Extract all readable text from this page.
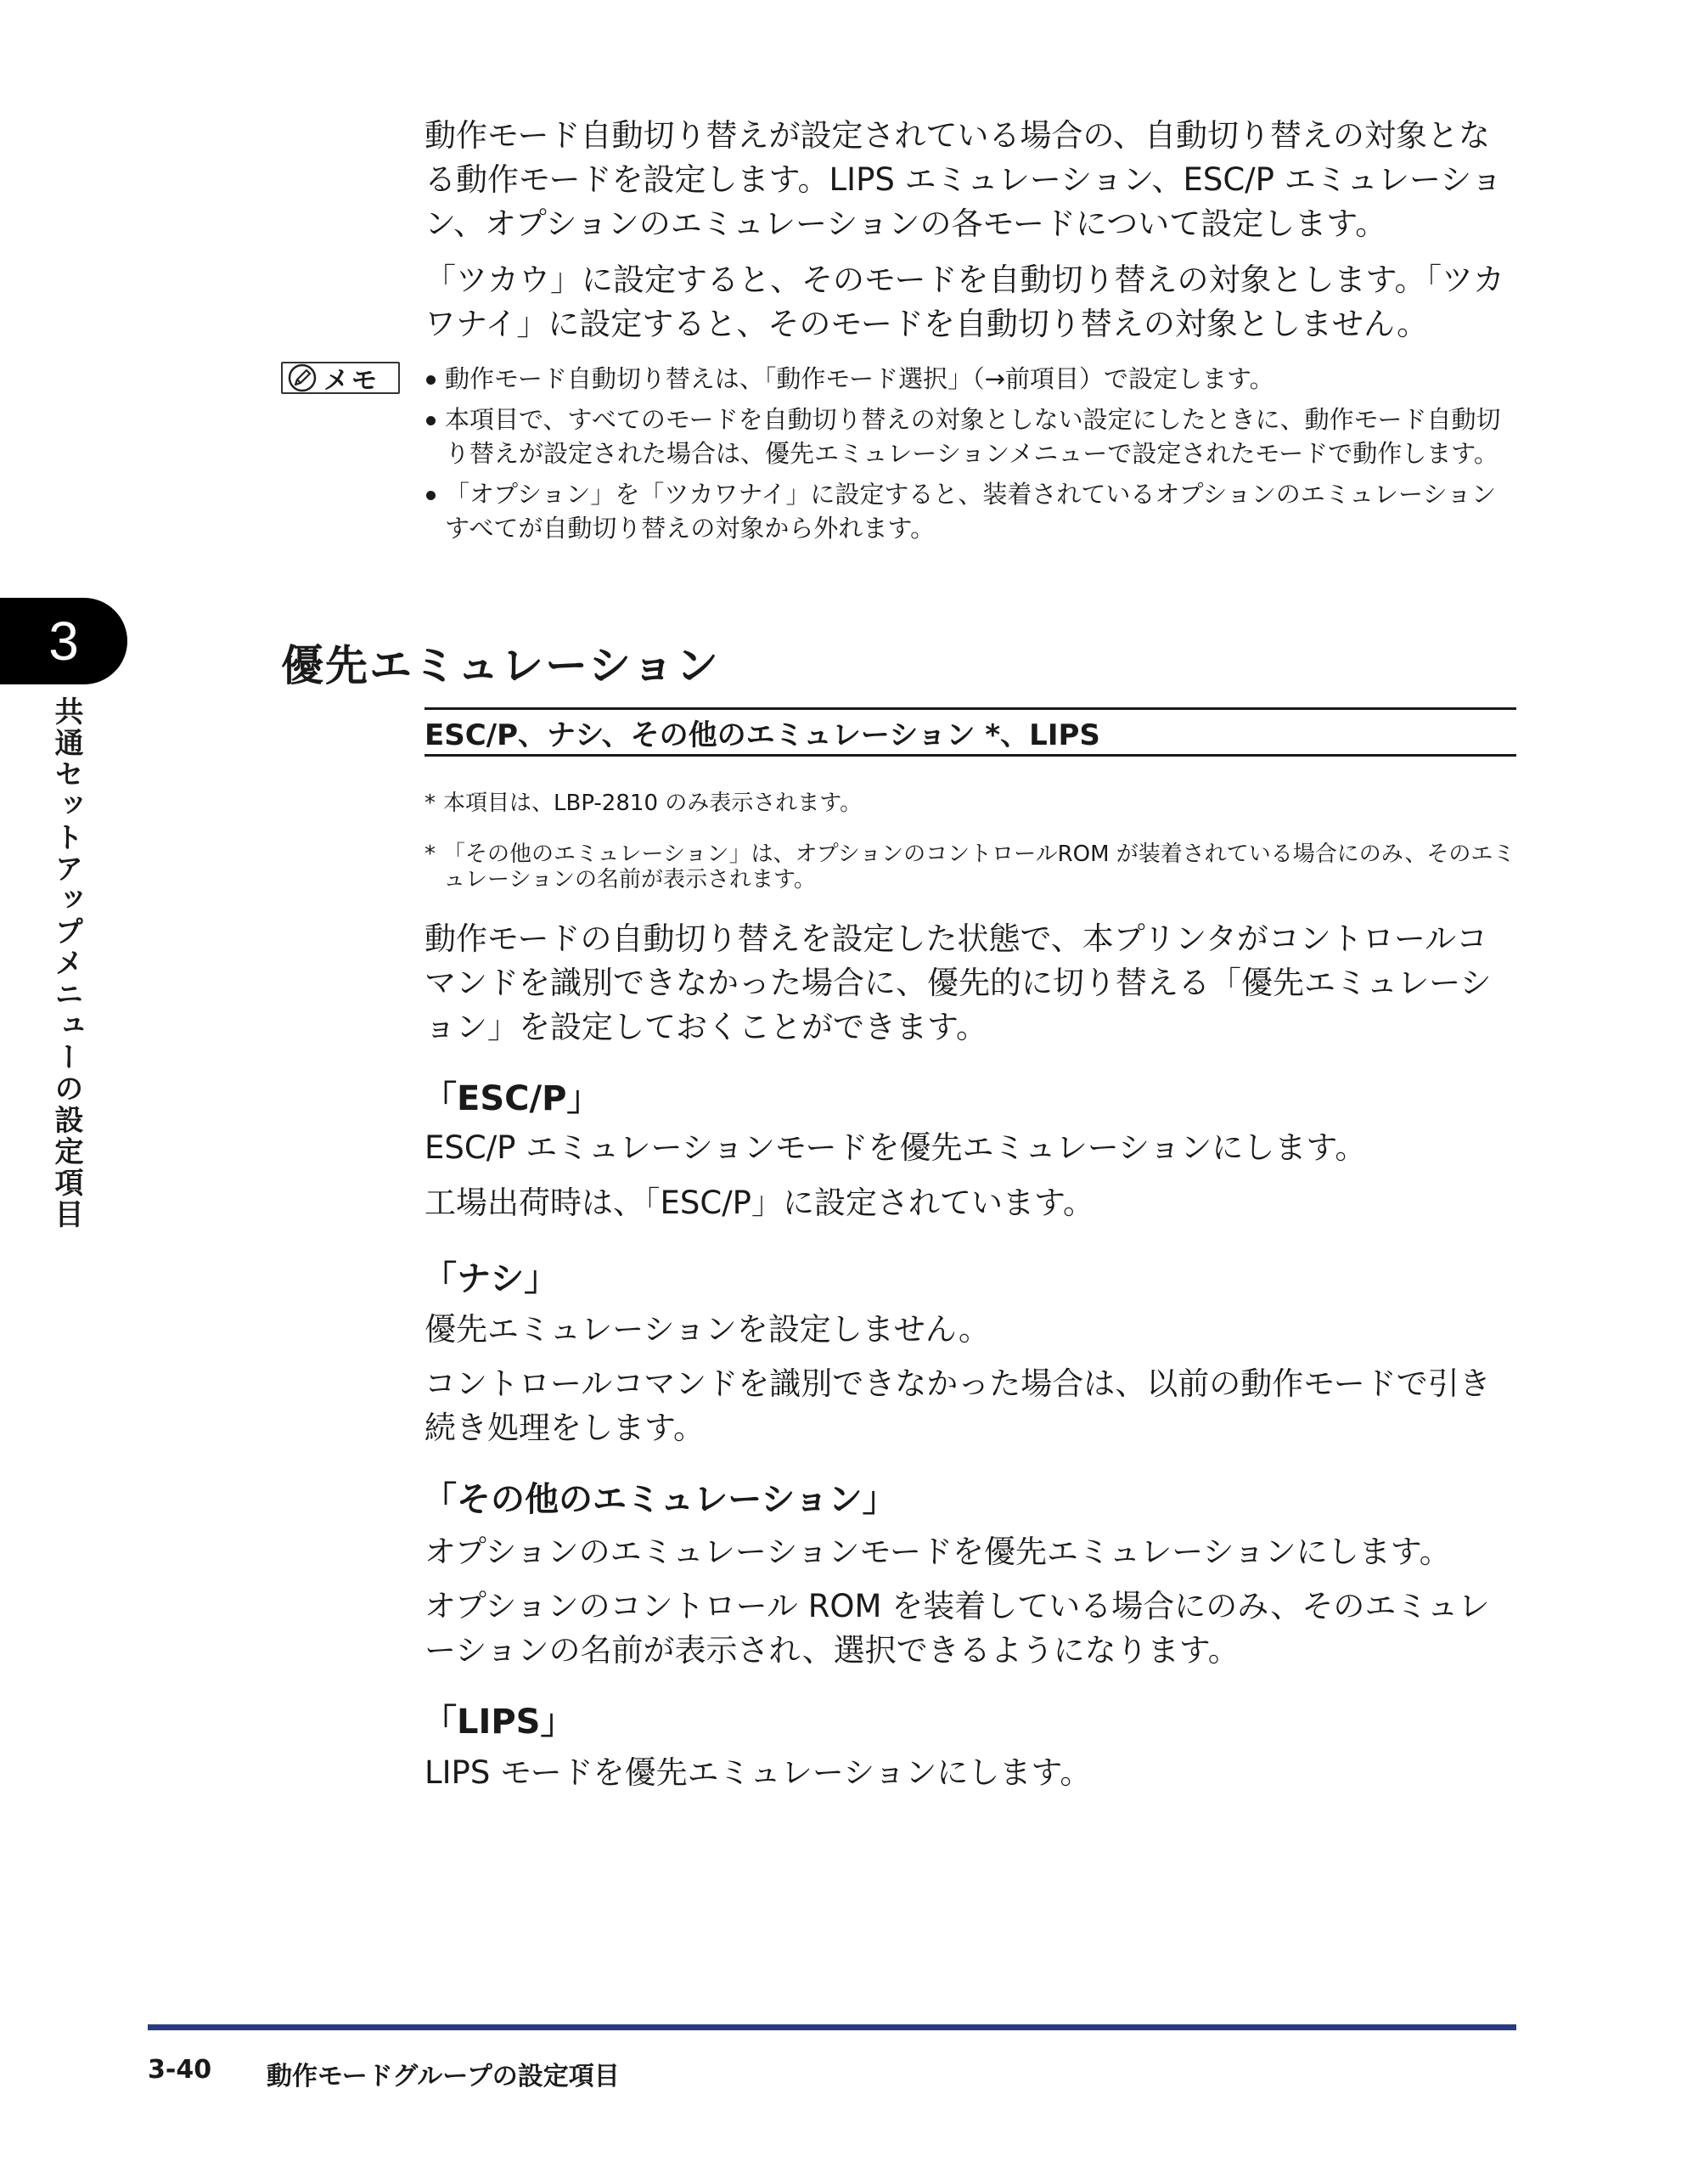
動作モード自動切り替えが設定されている場合の、自動切り替えの対象となる動作モードを設定します。LIPS エミュレーション、ESC/P エミュレーション、オプションのエミュレーションの各モードについて設定します。

「ツカウ」に設定すると、そのモードを自動切り替えの対象とします。「ツカワナイ」に設定すると、そのモードを自動切り替えの対象としません。

メモ	動作モード自動切り替えは、「動作モード選択」（→前項目）で設定します。
本項目で、すべてのモードを自動切り替えの対象としない設定にしたときに、動作モード自動切り替えが設定された場合は、優先エミュレーションメニューで設定されたモードで動作します。
「オプション」を「ツカワナイ」に設定すると、装着されているオプションのエミュレーションすべてが自動切り替えの対象から外れます。
3
共通セットアップメニューの設定項目
優先エミュレーション
ESC/P、ナシ、その他のエミュレーション *、LIPS
* 本項目は、LBP-2810 のみ表示されます。
* 「その他のエミュレーション」は、オプションのコントロールROM が装着されている場合にのみ、そのエミュレーションの名前が表示されます。
動作モードの自動切り替えを設定した状態で、本プリンタがコントロールコマンドを識別できなかった場合に、優先的に切り替える「優先エミュレーション」を設定しておくことができます。
「ESC/P」
ESC/P エミュレーションモードを優先エミュレーションにします。
工場出荷時は、「ESC/P」に設定されています。
「ナシ」
優先エミュレーションを設定しません。
コントロールコマンドを識別できなかった場合は、以前の動作モードで引き続き処理をします。
「その他のエミュレーション」
オプションのエミュレーションモードを優先エミュレーションにします。
オプションのコントロール ROM を装着している場合にのみ、そのエミュレーションの名前が表示され、選択できるようになります。
「LIPS」
LIPS モードを優先エミュレーションにします。
3-40 動作モードグループの設定項目
